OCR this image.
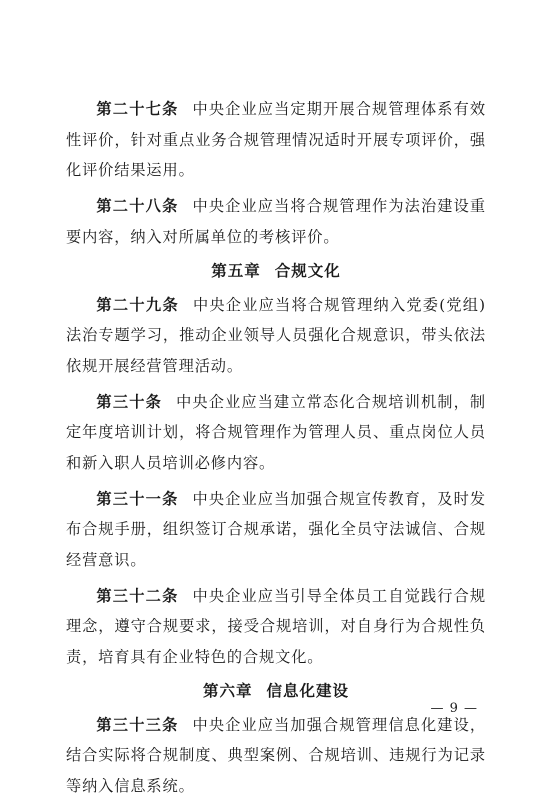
第二十七条 中央企业应当定期开展合规管理体系有效性评价，针对重点业务合规管理情况适时开展专项评价，强化评价结果运用。

第二十八条 中央企业应当将合规管理作为法治建设重要内容，纳入对所属单位的考核评价。

第五章 合规文化

第二十九条 中央企业应当将合规管理纳入党委(党组)法治专题学习，推动企业领导人员强化合规意识，带头依法依规开展经营管理活动。

第三十条 中央企业应当建立常态化合规培训机制，制定年度培训计划，将合规管理作为管理人员、重点岗位人员和新入职人员培训必修内容。

第三十一条 中央企业应当加强合规宣传教育，及时发布合规手册，组织签订合规承诺，强化全员守法诚信、合规经营意识。

第三十二条 中央企业应当引导全体员工自觉践行合规理念，遵守合规要求，接受合规培训，对自身行为合规性负责，培育具有企业特色的合规文化。

第六章 信息化建设

第三十三条 中央企业应当加强合规管理信息化建设，结合实际将合规制度、典型案例、合规培训、违规行为记录等纳入信息系统。

— 9 —
